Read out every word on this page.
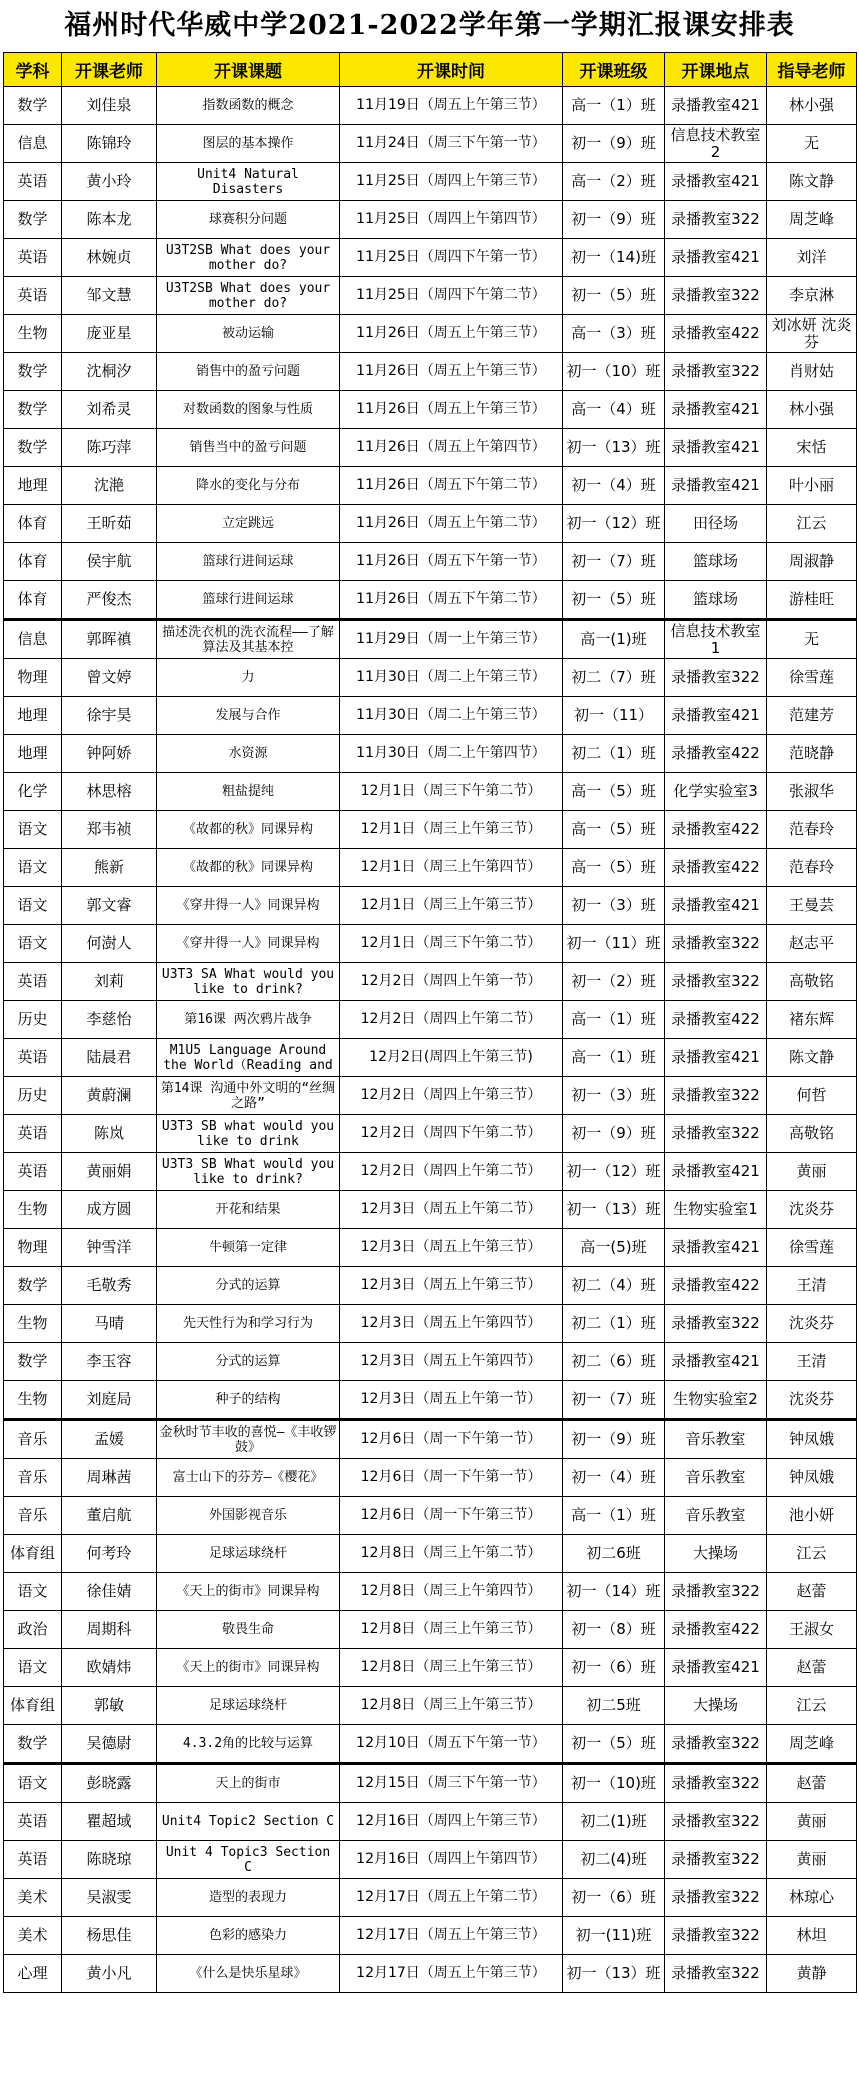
福州时代华威中学2021-2022学年第一学期汇报课安排表
学科	开课老师	开课课题	开课时间	开课班级	开课地点	指导老师
数学	刘佳泉	指数函数的概念	11月19日（周五上午第三节）	高一（1）班	录播教室421	林小强
信息	陈锦玲	图层的基本操作	11月24日（周三下午第一节）	初一（9）班	信息技术教室2	无
英语	黄小玲	Unit4 Natural Disasters	11月25日（周四上午第三节）	高一（2）班	录播教室421	陈文静
数学	陈本龙	球赛积分问题	11月25日（周四上午第四节）	初一（9）班	录播教室322	周芝峰
英语	林婉贞	U3T2SB What does your mother do?	11月25日（周四下午第一节）	初一（14)班	录播教室421	刘洋
英语	邹文慧	U3T2SB What does your mother do?	11月25日（周四下午第二节）	初一（5）班	录播教室322	李京淋
生物	庞亚星	被动运输	11月26日（周五上午第三节）	高一（3）班	录播教室422	刘冰妍 沈炎芬
数学	沈桐汐	销售中的盈亏问题	11月26日（周五上午第三节）	初一（10）班	录播教室322	肖财姑
数学	刘希灵	对数函数的图象与性质	11月26日（周五上午第三节）	高一（4）班	录播教室421	林小强
数学	陈巧萍	销售当中的盈亏问题	11月26日（周五上午第四节）	初一（13）班	录播教室421	宋恬
地理	沈滟	降水的变化与分布	11月26日（周五下午第二节）	初一（4）班	录播教室421	叶小丽
体育	王昕茹	立定跳远	11月26日（周五上午第二节）	初一（12）班	田径场	江云
体育	侯宇航	篮球行进间运球	11月26日（周五下午第一节）	初一（7）班	篮球场	周淑静
体育	严俊杰	篮球行进间运球	11月26日（周五下午第二节）	初一（5）班	篮球场	游桂旺
信息	郭晖禛	描述洗衣机的洗衣流程——了解算法及其基本控	11月29日（周一上午第三节）	高一(1)班	信息技术教室1	无
物理	曾文婷	力	11月30日（周二上午第三节）	初二（7）班	录播教室322	徐雪莲
地理	徐宇昊	发展与合作	11月30日（周二上午第三节）	初一（11）	录播教室421	范建芳
地理	钟阿娇	水资源	11月30日（周二上午第四节）	初二（1）班	录播教室422	范晓静
化学	林思榕	粗盐提纯	12月1日（周三下午第二节）	高一（5）班	化学实验室3	张淑华
语文	郑韦祯	《故都的秋》同课异构	12月1日（周三上午第三节）	高一（5）班	录播教室422	范春玲
语文	熊新	《故都的秋》同课异构	12月1日（周三上午第四节）	高一（5）班	录播教室422	范春玲
语文	郭文睿	《穿井得一人》同课异构	12月1日（周三上午第三节）	初一（3）班	录播教室421	王曼芸
语文	何澍人	《穿井得一人》同课异构	12月1日（周三下午第二节）	初一（11）班	录播教室322	赵志平
英语	刘莉	U3T3 SA What would you like to drink?	12月2日（周四上午第一节）	初一（2）班	录播教室322	高敬铭
历史	李慈怡	第16课 两次鸦片战争	12月2日（周四上午第二节）	高一（1）班	录播教室422	褚东辉
英语	陆晨君	M1U5 Language Around the World（Reading and	12月2日(周四上午第三节)	高一（1）班	录播教室421	陈文静
历史	黄蔚澜	第14课 沟通中外文明的“丝绸之路”	12月2日（周四上午第三节）	初一（3）班	录播教室322	何哲
英语	陈岚	U3T3 SB what would you like to drink	12月2日（周四下午第二节）	初一（9）班	录播教室322	高敬铭
英语	黄丽娟	U3T3 SB What would you like to drink?	12月2日（周四上午第二节）	初一（12）班	录播教室421	黄丽
生物	成方圆	开花和结果	12月3日（周五上午第二节）	初一（13）班	生物实验室1	沈炎芬
物理	钟雪洋	牛顿第一定律	12月3日（周五上午第三节）	高一(5)班	录播教室421	徐雪莲
数学	毛敬秀	分式的运算	12月3日（周五上午第三节）	初二（4）班	录播教室422	王清
生物	马晴	先天性行为和学习行为	12月3日（周五上午第四节）	初二（1）班	录播教室322	沈炎芬
数学	李玉容	分式的运算	12月3日（周五上午第四节）	初二（6）班	录播教室421	王清
生物	刘庭局	种子的结构	12月3日（周五上午第一节）	初一（7）班	生物实验室2	沈炎芬
音乐	孟媛	金秋时节丰收的喜悦—《丰收锣鼓》	12月6日（周一下午第一节）	初一（9）班	音乐教室	钟凤娥
音乐	周琳茜	富士山下的芬芳—《樱花》	12月6日（周一下午第一节）	初一（4）班	音乐教室	钟凤娥
音乐	董启航	外国影视音乐	12月6日（周一下午第三节）	高一（1）班	音乐教室	池小妍
体育组	何考玲	足球运球绕杆	12月8日（周三上午第二节）	初二6班	大操场	江云
语文	徐佳婧	《天上的街市》同课异构	12月8日（周三上午第四节）	初一（14）班	录播教室322	赵蕾
政治	周期科	敬畏生命	12月8日（周三上午第三节）	初一（8）班	录播教室422	王淑女
语文	欧婧炜	《天上的街市》同课异构	12月8日（周三上午第三节）	初一（6）班	录播教室421	赵蕾
体育组	郭敏	足球运球绕杆	12月8日（周三上午第三节）	初二5班	大操场	江云
数学	吴德尉	4.3.2角的比较与运算	12月10日（周五下午第一节）	初一（5）班	录播教室322	周芝峰
语文	彭晓露	天上的街市	12月15日（周三下午第一节）	初一（10)班	录播教室322	赵蕾
英语	瞿超域	Unit4 Topic2 Section C	12月16日（周四上午第三节）	初二(1)班	录播教室322	黄丽
英语	陈晓琼	Unit 4 Topic3 Section C	12月16日（周四上午第四节）	初二(4)班	录播教室322	黄丽
美术	吴淑雯	造型的表现力	12月17日（周五上午第二节）	初一（6）班	录播教室322	林琼心
美术	杨思佳	色彩的感染力	12月17日（周五上午第三节）	初一(11)班	录播教室322	林坦
心理	黄小凡	《什么是快乐星球》	12月17日（周五上午第三节）	初一（13）班	录播教室322	黄静
